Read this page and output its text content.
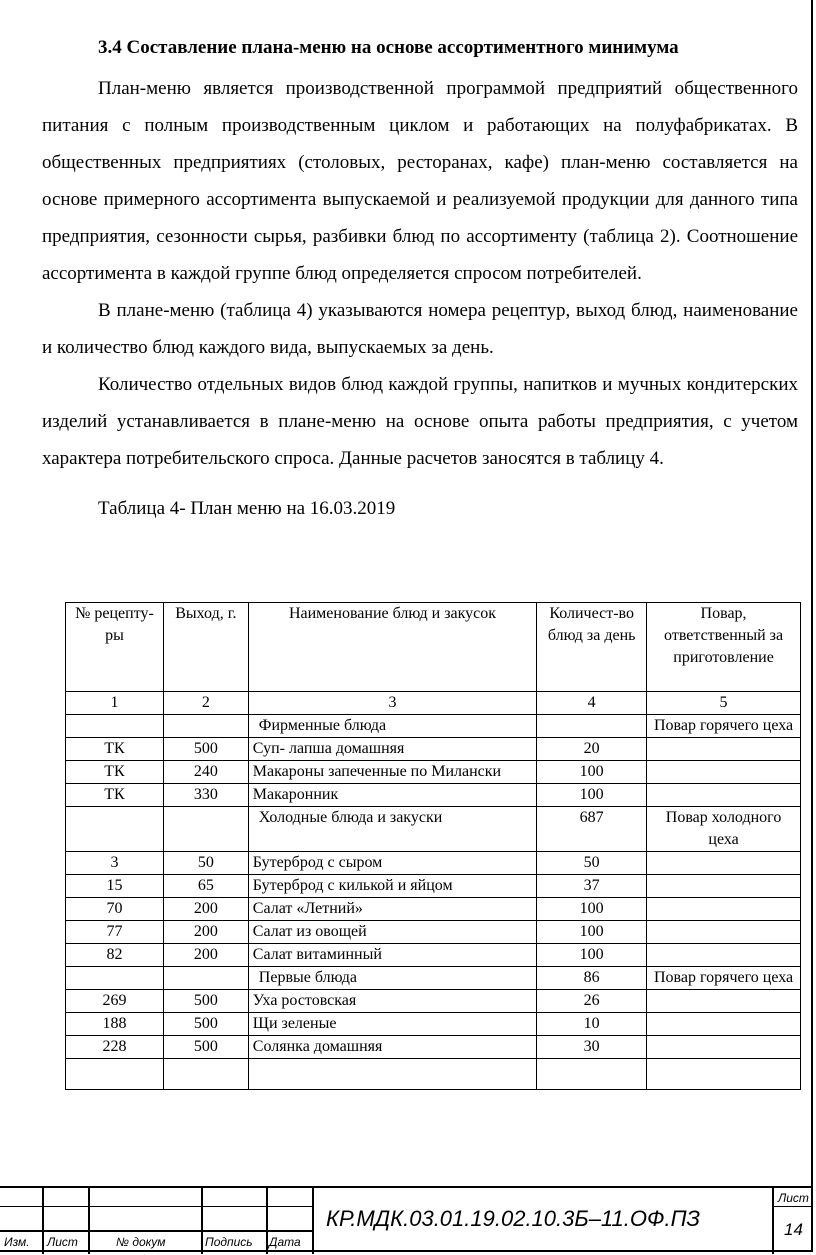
3.4 Составление плана-меню на основе ассортиментного минимума

План-меню является производственной программой предприятий общественного питания с полным производственным циклом и работающих на полуфабрикатах. В общественных предприятиях (столовых, ресторанах, кафе) план-меню составляется на основе примерного ассортимента выпускаемой и реализуемой продукции для данного типа предприятия, сезонности сырья, разбивки блюд по ассортименту (таблица 2). Соотношение ассортимента в каждой группе блюд определяется спросом потребителей.

В плане-меню (таблица 4) указываются номера рецептур, выход блюд, наименование и количество блюд каждого вида, выпускаемых за день.

Количество отдельных видов блюд каждой группы, напитков и мучных кондитерских изделий устанавливается в плане-меню на основе опыта работы предприятия, с учетом характера потребительского спроса. Данные расчетов заносятся в таблицу 4.

Таблица 4- План меню на 16.03.2019

№ рецепту-ры	Выход, г.	Наименование блюд и закусок	Количест-во блюд за день	Повар, ответственный за приготовление
1	2	3	4	5
		Фирменные блюда		Повар горячего цеха
ТК	500	Суп- лапша домашняя	20	
ТК	240	Макароны запеченные по Милански	100	
ТК	330	Макаронник	100	
		Холодные блюда и закуски	687	Повар холодного цеха
3	50	Бутерброд с сыром	50	
15	65	Бутерброд с килькой и яйцом	37	
70	200	Салат «Летний»	100	
77	200	Салат из овощей	100	
82	200	Салат витаминный	100	
		Первые блюда	86	Повар горячего цеха
269	500	Уха ростовская	26	
188	500	Щи зеленые	10	
228	500	Солянка домашняя	30	

Изм. Лист	№ докум	Подпись Дата
Лист
КР.МДК.03.01.19.02.10.3Б–11.ОФ.ПЗ	14
